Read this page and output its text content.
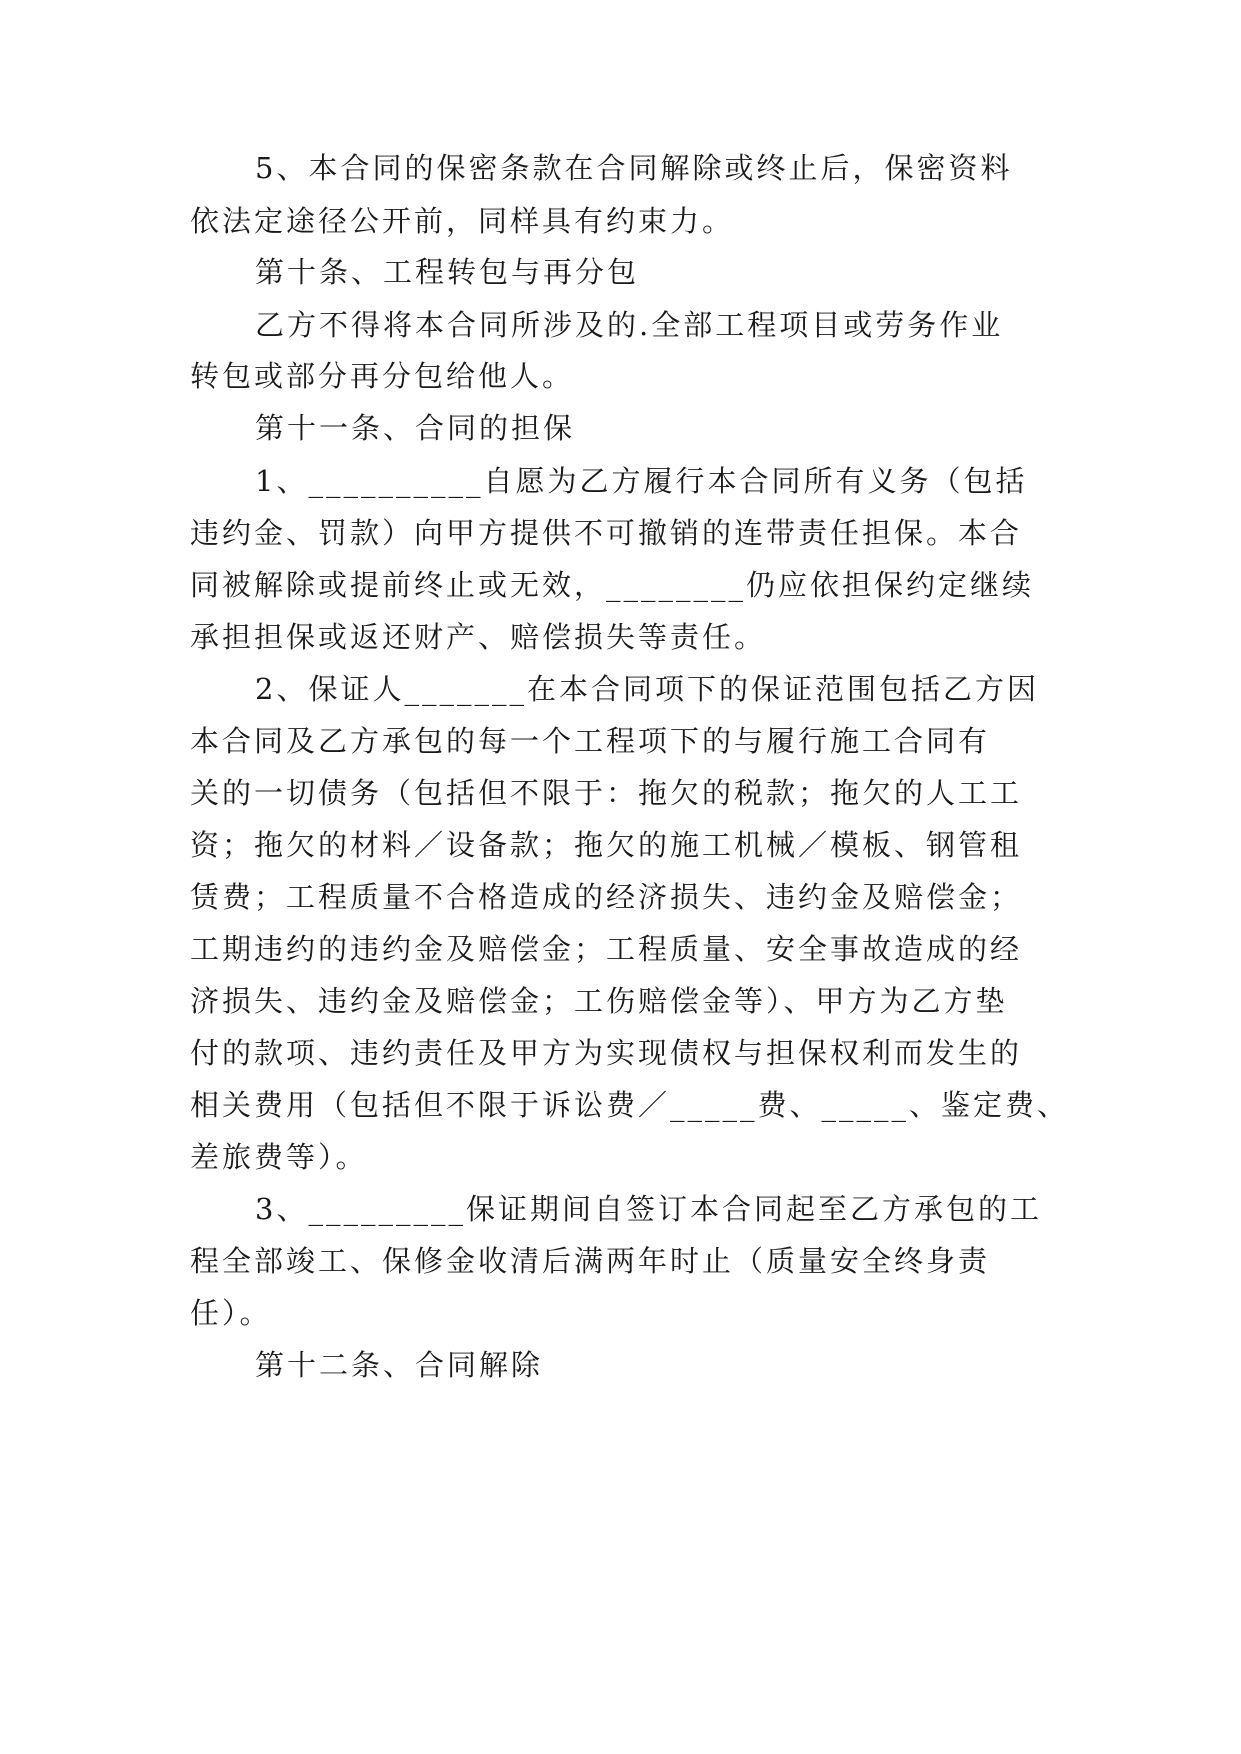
5、本合同的保密条款在合同解除或终止后，保密资料
依法定途径公开前，同样具有约束力。
第十条、工程转包与再分包
乙方不得将本合同所涉及的.全部工程项目或劳务作业
转包或部分再分包给他人。
第十一条、合同的担保
1、__________自愿为乙方履行本合同所有义务（包括
违约金、罚款）向甲方提供不可撤销的连带责任担保。本合
同被解除或提前终止或无效，________仍应依担保约定继续
承担担保或返还财产、赔偿损失等责任。
2、保证人_______在本合同项下的保证范围包括乙方因
本合同及乙方承包的每一个工程项下的与履行施工合同有
关的一切债务（包括但不限于：拖欠的税款；拖欠的人工工
资；拖欠的材料／设备款；拖欠的施工机械／模板、钢管租
赁费；工程质量不合格造成的经济损失、违约金及赔偿金；
工期违约的违约金及赔偿金；工程质量、安全事故造成的经
济损失、违约金及赔偿金；工伤赔偿金等）、甲方为乙方垫
付的款项、违约责任及甲方为实现债权与担保权利而发生的
相关费用（包括但不限于诉讼费／_____费、_____、鉴定费、
差旅费等）。
3、_________保证期间自签订本合同起至乙方承包的工
程全部竣工、保修金收清后满两年时止（质量安全终身责
任）。
第十二条、合同解除
